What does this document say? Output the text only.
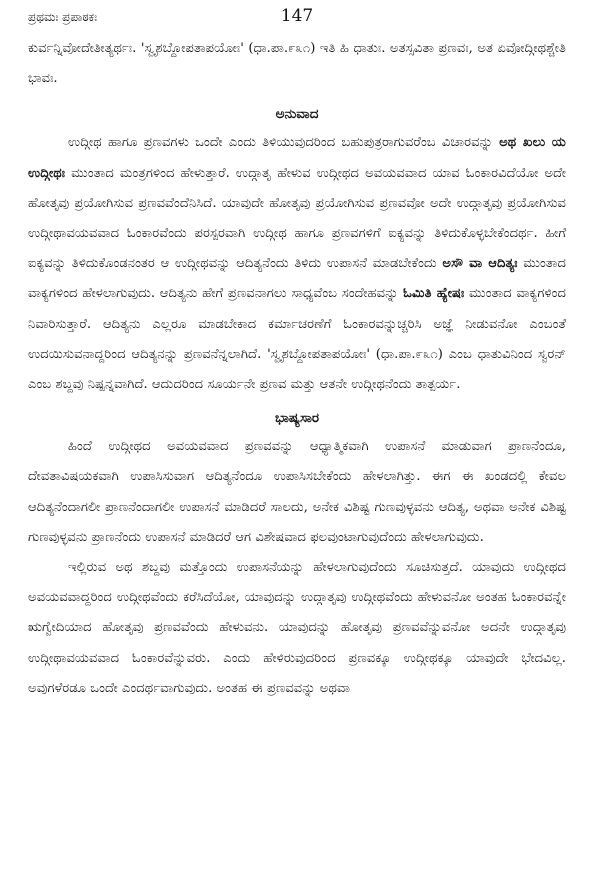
ಪ್ರಥಮಃ ಪ್ರಪಾಠಕಃ	147

ಕುರ್ವನ್ನಿವೋದೇತೀತ್ಯರ್ಥಃ. 'ಸ್ವೃಶಬ್ದೋಪತಾಪಯೋಃ' (ಧಾ.ಪಾ.೯೩೧) ಇತಿ ಹಿ ಧಾತುಃ. ಅತಸ್ಸವಿತಾ ಪ್ರಣವಃ, ಅತ ಏವೋದ್ಗೀಥಶ್ಚೇತಿ ಭಾವಃ.

ಅನುವಾದ

ಉದ್ಗೀಥ ಹಾಗೂ ಪ್ರಣವಗಳು ಒಂದೇ ಎಂದು ತಿಳಿಯುವುದರಿಂದ ಬಹುಪುತ್ರರಾಗುವರೆಂಬ ವಿಚಾರವನ್ನು ಅಥ ಖಲು ಯ ಉದ್ಗೀಥಃ ಮುಂತಾದ ಮಂತ್ರಗಳಿಂದ ಹೇಳುತ್ತಾರೆ. ಉದ್ಗಾತೃ ಹೇಳುವ ಉದ್ಗೀಥದ ಅವಯವವಾದ ಯಾವ ಓಂಕಾರವಿದೆಯೋ ಅದೇ ಹೋತೃವು ಪ್ರಯೋಗಿಸುವ ಪ್ರಣವವೆಂದೆನಿಸಿದೆ. ಯಾವುದೇ ಹೋತೃವು ಪ್ರಯೋಗಿಸುವ ಪ್ರಣವವೋ ಅದೇ ಉದ್ಗಾತೃವು ಪ್ರಯೋಗಿಸುವ ಉದ್ಗೀಥಾವಯವವಾದ ಓಂಕಾರವೆಂದು ಪರಸ್ಪರವಾಗಿ ಉದ್ಗೀಥ ಹಾಗೂ ಪ್ರಣವಗಳಿಗೆ ಐಕ್ಯವನ್ನು ತಿಳಿದುಕೊಳ್ಳಬೇಕೆಂದರ್ಥ. ಹೀಗೆ ಐಕ್ಯವನ್ನು ತಿಳಿದುಕೊಂಡನಂತರ ಆ ಉದ್ಗೀಥವನ್ನು ಆದಿತ್ಯನೆಂದು ತಿಳಿದು ಉಪಾಸನೆ ಮಾಡಬೇಕೆಂದು ಅಸೌ ವಾ ಆದಿತ್ಯಃ ಮುಂತಾದ ವಾಕ್ಯಗಳಿಂದ ಹೇಳಲಾಗುವುದು. ಆದಿತ್ಯನು ಹೇಗೆ ಪ್ರಣವನಾಗಲು ಸಾಧ್ಯವೆಂಬ ಸಂದೇಹವನ್ನು ಓಮಿತಿ ಹ್ಯೇಷಃ ಮುಂತಾದ ವಾಕ್ಯಗಳಿಂದ ನಿವಾರಿಸುತ್ತಾರೆ. ಆದಿತ್ಯನು ಎಲ್ಲರೂ ಮಾಡಬೇಕಾದ ಕರ್ಮಾಚರಣೆಗೆ ಓಂಕಾರವನ್ನುಚ್ಚರಿಸಿ ಅಜ್ಞೆ ನೀಡುವನೋ ಎಂಬಂತೆ ಉದಯಿಸುವನಾದ್ದರಿಂದ ಆದಿತ್ಯನನ್ನು ಪ್ರಣವನೆನ್ನಲಾಗಿದೆ. 'ಸ್ವೃಶಬ್ದೋಪತಾಪಯೋಃ' (ಧಾ.ಪಾ.೯೩೧) ಎಂಬ ಧಾತುವಿನಿಂದ ಸ್ವರನ್ ಎಂಬ ಶಬ್ದವು ನಿಷ್ಪನ್ನವಾಗಿದೆ. ಆದುದರಿಂದ ಸೂರ್ಯನೇ ಪ್ರಣವ ಮತ್ತು ಆತನೇ ಉದ್ಗೀಥನೆಂದು ತಾತ್ಪರ್ಯ.

ಭಾಷ್ಯಸಾರ

ಹಿಂದೆ ಉದ್ಗೀಥದ ಅವಯವವಾದ ಪ್ರಣವವನ್ನು ಆಧ್ಯಾತ್ಮಿಕವಾಗಿ ಉಪಾಸನೆ ಮಾಡುವಾಗ ಪ್ರಾಣನೆಂದೂ, ದೇವತಾವಿಷಯಕವಾಗಿ ಉಪಾಸಿಸುವಾಗ ಆದಿತ್ಯನೆಂದೂ ಉಪಾಸಿಸಬೇಕೆಂದು ಹೇಳಲಾಗಿತ್ತು. ಈಗ ಈ ಖಂಡದಲ್ಲಿ ಕೇವಲ ಆದಿತ್ಯನೆಂದಾಗಲೀ ಪ್ರಾಣನೆಂದಾಗಲೀ ಉಪಾಸನೆ ಮಾಡಿದರೆ ಸಾಲದು, ಅನೇಕ ವಿಶಿಷ್ಟ ಗುಣವುಳ್ಳವನು ಆದಿತ್ಯ, ಅಥವಾ ಅನೇಕ ವಿಶಿಷ್ಟ ಗುಣವುಳ್ಳವನು ಪ್ರಾಣನೆಂದು ಉಪಾಸನೆ ಮಾಡಿದರೆ ಆಗ ವಿಶೇಷವಾದ ಫಲವುಂಟಾಗುವುದೆಂದು ಹೇಳಲಾಗುವುದು.

ಇಲ್ಲಿರುವ ಅಥ ಶಬ್ದವು ಮತ್ತೊಂದು ಉಪಾಸನೆಯನ್ನು ಹೇಳಲಾಗುವುದೆಂದು ಸೂಚಿಸುತ್ತದೆ. ಯಾವುದು ಉದ್ಗೀಥದ ಅವಯವವಾದ್ದರಿಂದ ಉದ್ಗೀಥವೆಂದು ಕರೆಸಿದೆಯೋ, ಯಾವುದನ್ನು ಉದ್ಗಾತೃವು ಉದ್ಗೀಥವೆಂದು ಹೇಳುವನೋ ಅಂತಹ ಓಂಕಾರವನ್ನೇ ಋಗ್ವೇದಿಯಾದ ಹೋತೃವು ಪ್ರಣವವೆಂದು ಹೇಳುವನು. ಯಾವುದನ್ನು ಹೋತೃವು ಪ್ರಣವವೆನ್ನುವನೋ ಅದನೇ ಉದ್ಗಾತೃವು ಉದ್ಗೀಥಾವಯವವಾದ ಓಂಕಾರವೆನ್ನುವರು. ಎಂದು ಹೇಳಿರುವುದರಿಂದ ಪ್ರಣವಕ್ಕೂ ಉದ್ಗೀಥಕ್ಕೂ ಯಾವುದೇ ಭೇದವಿಲ್ಲ. ಅವುಗಳೆರಡೂ ಒಂದೇ ಎಂದರ್ಥವಾಗುವುದು. ಅಂತಹ ಈ ಪ್ರಣವವನ್ನು ಅಥವಾ
